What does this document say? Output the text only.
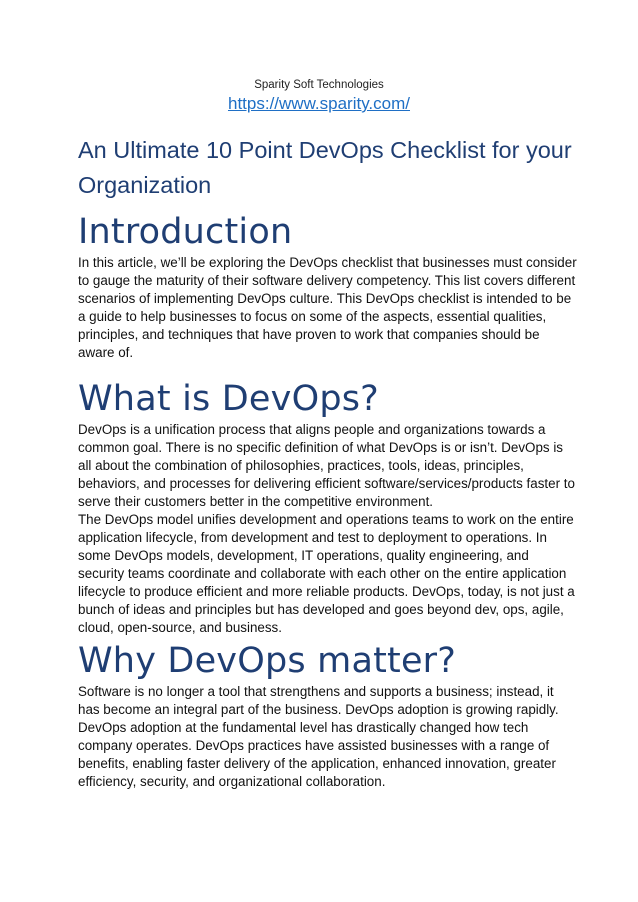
Sparity Soft Technologies
https://www.sparity.com/
An Ultimate 10 Point DevOps Checklist for your Organization
Introduction

In this article, we’ll be exploring the DevOps checklist that businesses must consider to gauge the maturity of their software delivery competency. This list covers different scenarios of implementing DevOps culture. This DevOps checklist is intended to be a guide to help businesses to focus on some of the aspects, essential qualities, principles, and techniques that have proven to work that companies should be aware of.

What is DevOps?

DevOps is a unification process that aligns people and organizations towards a common goal. There is no specific definition of what DevOps is or isn’t. DevOps is all about the combination of philosophies, practices, tools, ideas, principles, behaviors, and processes for delivering efficient software/services/products faster to serve their customers better in the competitive environment.

The DevOps model unifies development and operations teams to work on the entire application lifecycle, from development and test to deployment to operations. In some DevOps models, development, IT operations, quality engineering, and security teams coordinate and collaborate with each other on the entire application lifecycle to produce efficient and more reliable products. DevOps, today, is not just a bunch of ideas and principles but has developed and goes beyond dev, ops, agile, cloud, open-source, and business.

Why DevOps matter?

Software is no longer a tool that strengthens and supports a business; instead, it has become an integral part of the business. DevOps adoption is growing rapidly. DevOps adoption at the fundamental level has drastically changed how tech company operates. DevOps practices have assisted businesses with a range of benefits, enabling faster delivery of the application, enhanced innovation, greater efficiency, security, and organizational collaboration.
